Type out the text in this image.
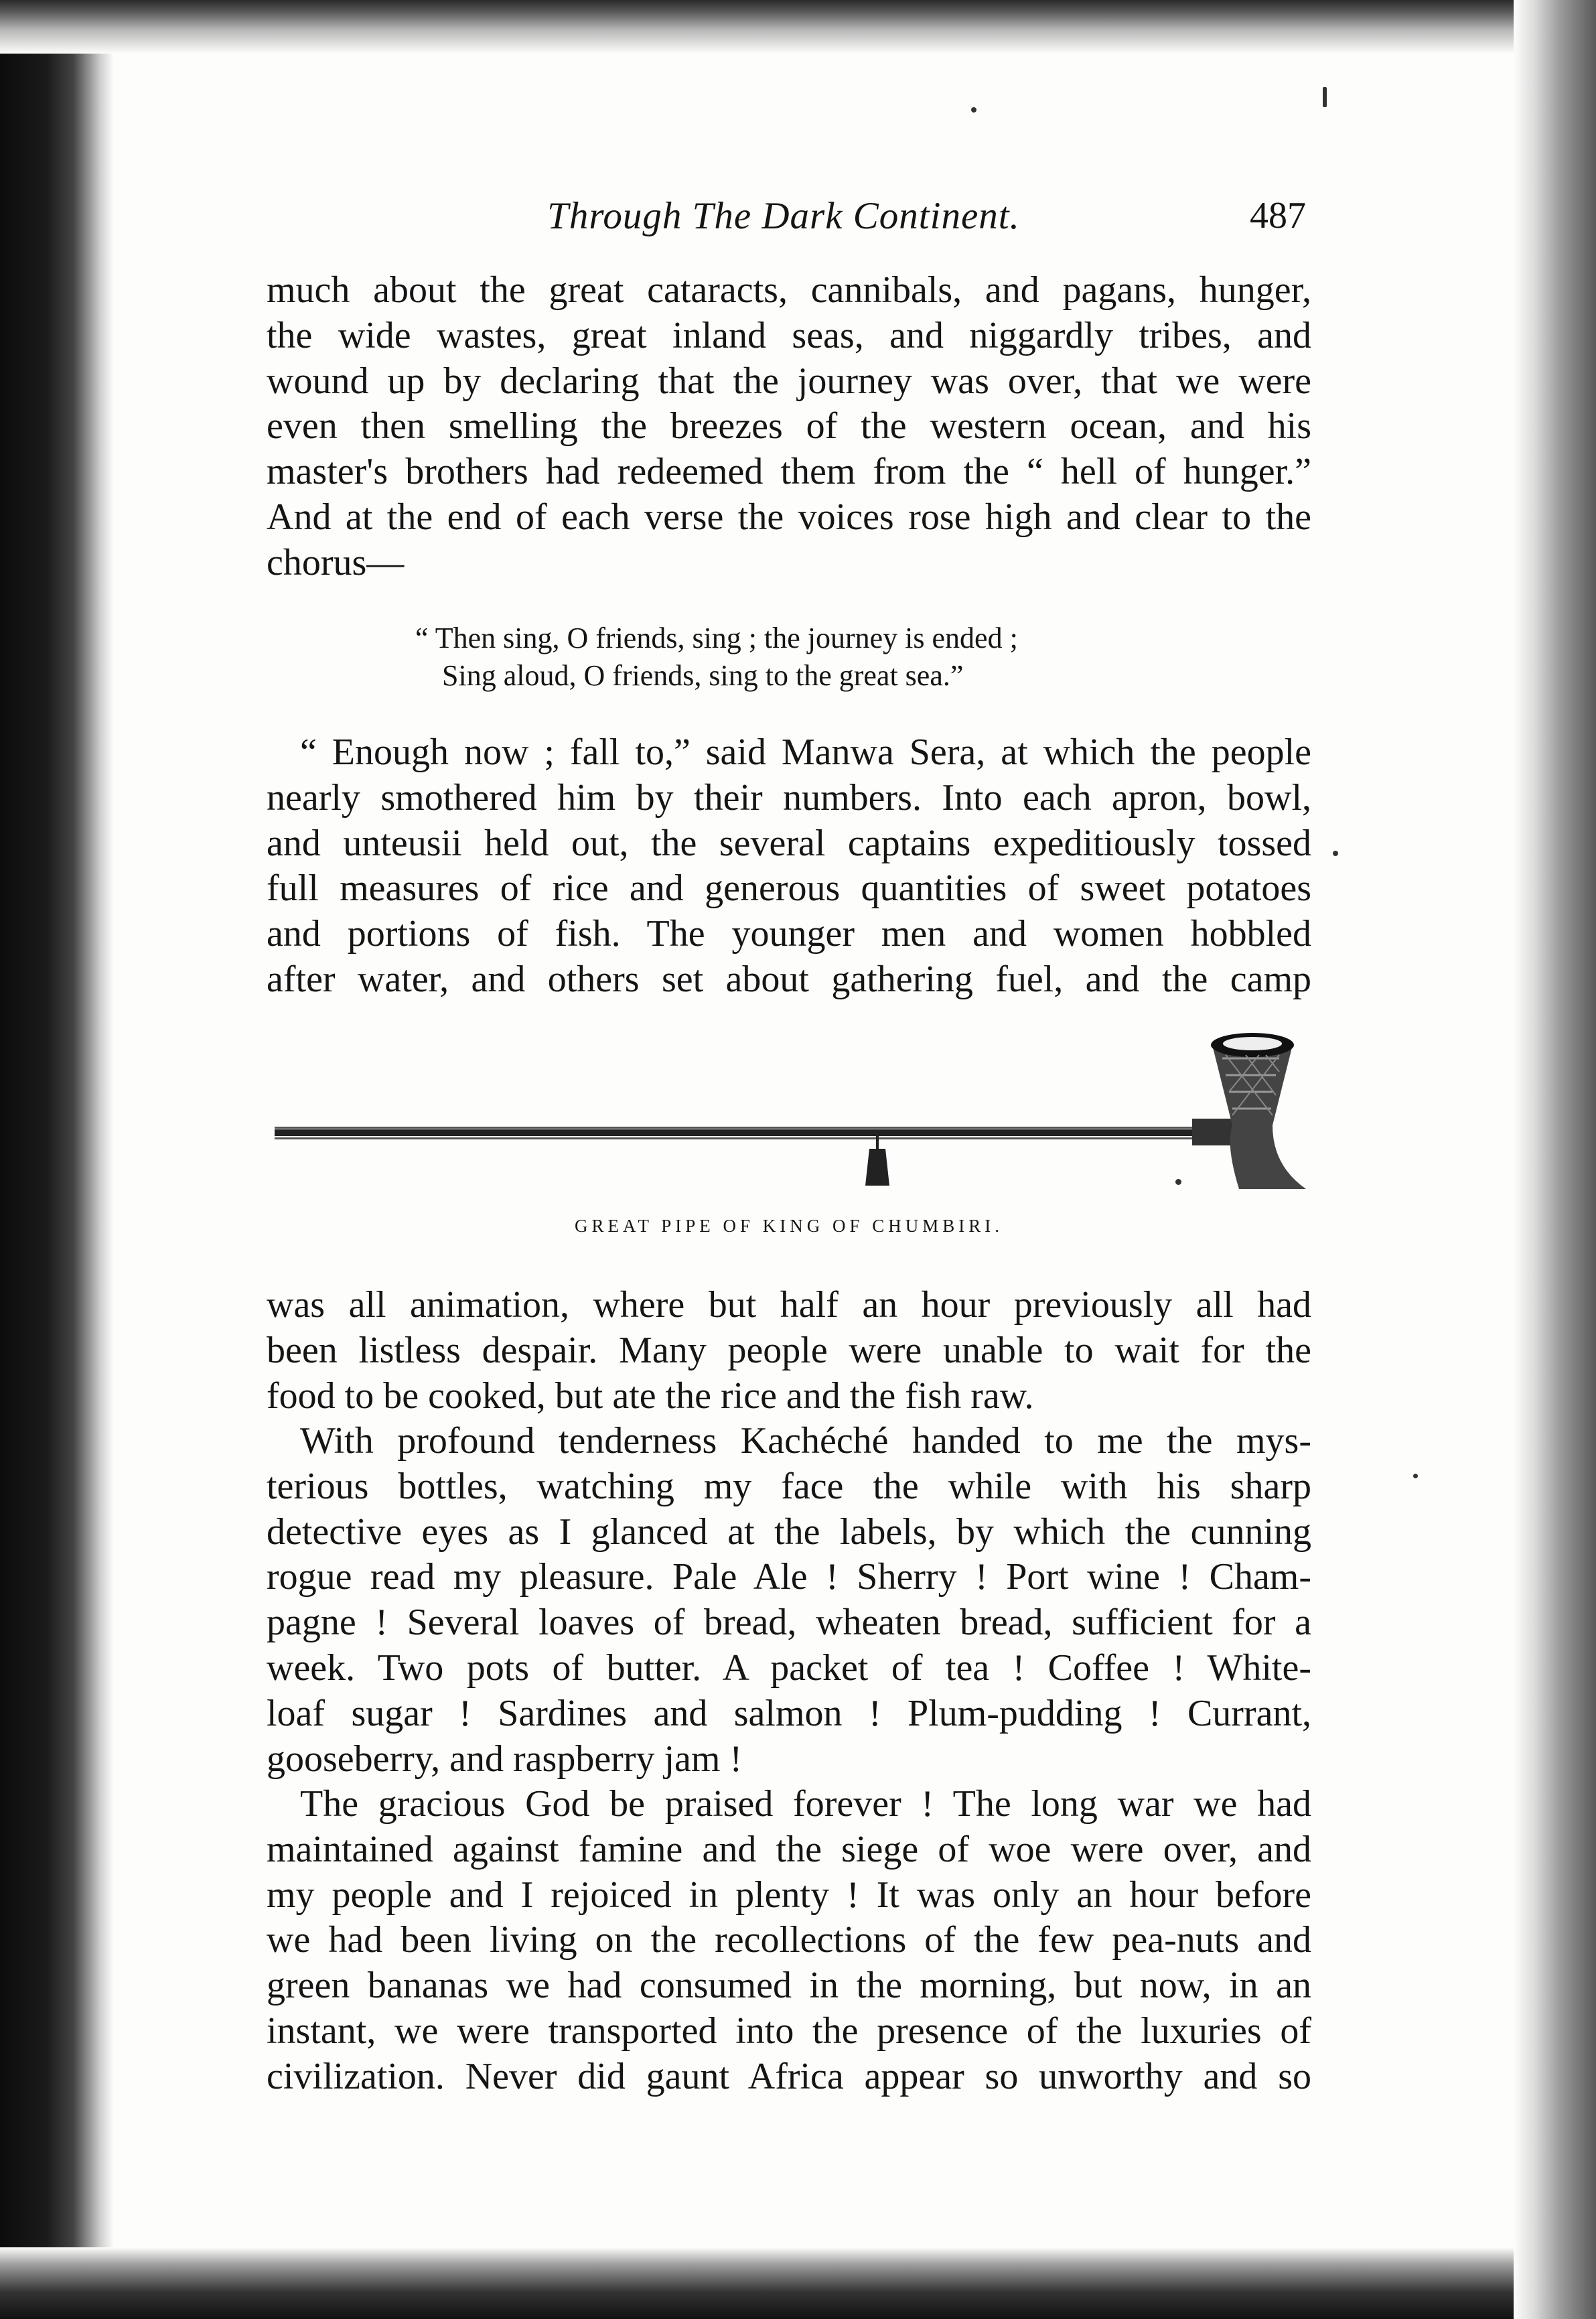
Through The Dark Continent.	487
much about the great cataracts, cannibals, and pagans, hunger,
the wide wastes, great inland seas, and niggardly tribes, and
wound up by declaring that the journey was over, that we were
even then smelling the breezes of the western ocean, and his
master's brothers had redeemed them from the “ hell of hunger.”
And at the end of each verse the voices rose high and clear to the
chorus—
“ Then sing, O friends, sing ; the journey is ended ;
Sing aloud, O friends, sing to the great sea.”
“ Enough now ; fall to,” said Manwa Sera, at which the people
nearly smothered him by their numbers. Into each apron, bowl,
and unteusii held out, the several captains expeditiously tossed
full measures of rice and generous quantities of sweet potatoes
and portions of fish. The younger men and women hobbled
after water, and others set about gathering fuel, and the camp
GREAT PIPE OF KING OF CHUMBIRI.
was all animation, where but half an hour previously all had
been listless despair. Many people were unable to wait for the
food to be cooked, but ate the rice and the fish raw.
With profound tenderness Kachéché handed to me the mys-
terious bottles, watching my face the while with his sharp
detective eyes as I glanced at the labels, by which the cunning
rogue read my pleasure. Pale Ale ! Sherry ! Port wine ! Cham-
pagne ! Several loaves of bread, wheaten bread, sufficient for a
week. Two pots of butter. A packet of tea ! Coffee ! White-
loaf sugar ! Sardines and salmon ! Plum-pudding ! Currant,
gooseberry, and raspberry jam !
The gracious God be praised forever ! The long war we had
maintained against famine and the siege of woe were over, and
my people and I rejoiced in plenty ! It was only an hour before
we had been living on the recollections of the few pea-nuts and
green bananas we had consumed in the morning, but now, in an
instant, we were transported into the presence of the luxuries of
civilization. Never did gaunt Africa appear so unworthy and so
